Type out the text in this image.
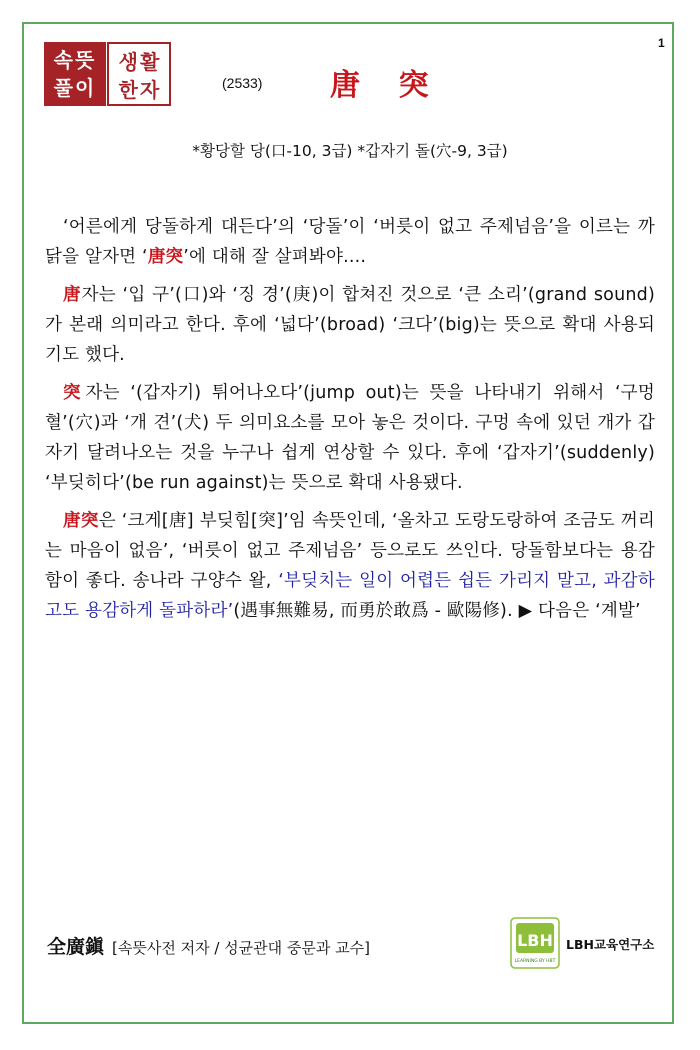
1
속뜻
풀이
생활
한자	(2533) 唐 突
*황당할 당(口-10, 3급) *갑자기 돌(穴-9, 3급)

‘어른에게 당돌하게 대든다’의 ‘당돌’이 ‘버릇이 없고 주제넘음’을 이르는 까닭을 알자면 ‘唐突’에 대해 잘 살펴봐야....

唐자는 ‘입 구’(口)와 ‘징 경’(庚)이 합쳐진 것으로 ‘큰 소리’(grand sound)가 본래 의미라고 한다. 후에 ‘넓다’(broad) ‘크다’(big)는 뜻으로 확대 사용되기도 했다.

突자는 ‘(갑자기) 튀어나오다’(jump out)는 뜻을 나타내기 위해서 ‘구멍 혈’(穴)과 ‘개 견’(犬) 두 의미요소를 모아 놓은 것이다. 구멍 속에 있던 개가 갑자기 달려나오는 것을 누구나 쉽게 연상할 수 있다. 후에 ‘갑자기’(suddenly) ‘부딪히다’(be run against)는 뜻으로 확대 사용됐다.

唐突은 ‘크게[唐] 부딪힘[突]’임 속뜻인데, ‘올차고 도랑도랑하여 조금도 꺼리는 마음이 없음’, ‘버릇이 없고 주제넘음’ 등으로도 쓰인다. 당돌함보다는 용감함이 좋다. 송나라 구양수 왈, ‘부딪치는 일이 어렵든 쉽든 가리지 말고, 과감하고도 용감하게 돌파하라’(遇事無難易, 而勇於敢爲 - 歐陽修). ▶ 다음은 ‘계발’

全廣鎭 [속뜻사전 저자 / 성균관대 중문과 교수]	LBH
LEARNING BY HBT
LBH교육연구소
